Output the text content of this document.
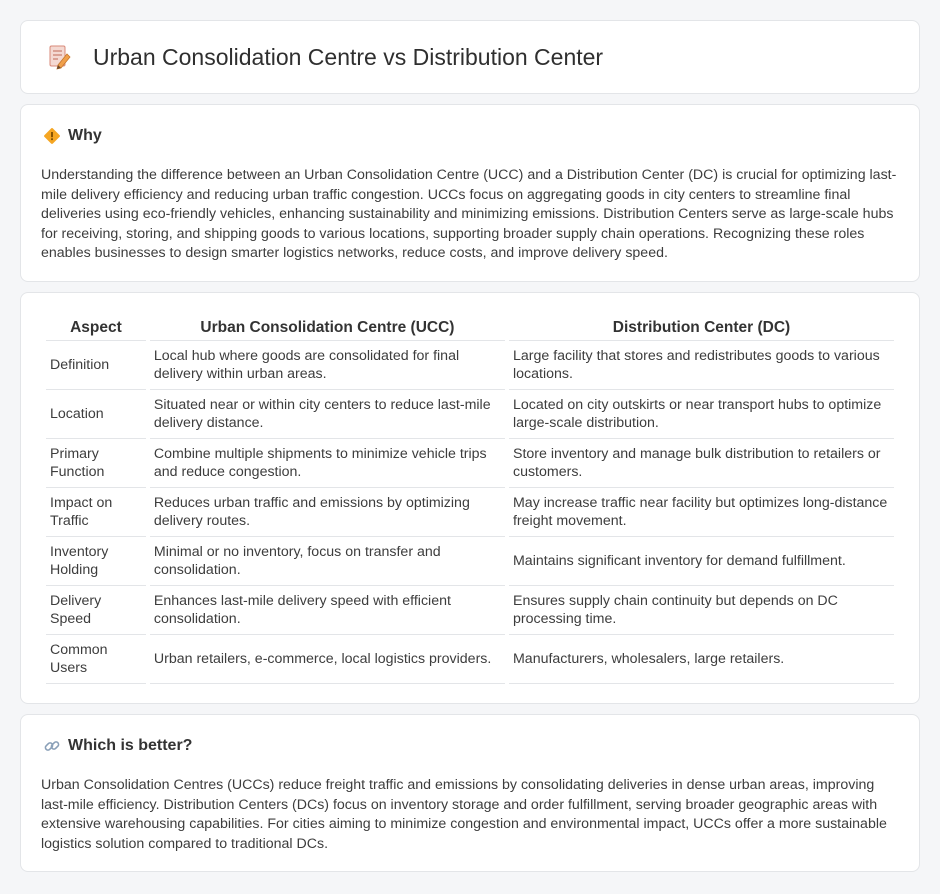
Urban Consolidation Centre vs Distribution Center
Why

Understanding the difference between an Urban Consolidation Centre (UCC) and a Distribution Center (DC) is crucial for optimizing last-mile delivery efficiency and reducing urban traffic congestion. UCCs focus on aggregating goods in city centers to streamline final deliveries using eco-friendly vehicles, enhancing sustainability and minimizing emissions. Distribution Centers serve as large-scale hubs for receiving, storing, and shipping goods to various locations, supporting broader supply chain operations. Recognizing these roles enables businesses to design smarter logistics networks, reduce costs, and improve delivery speed.

Aspect	Urban Consolidation Centre (UCC)	Distribution Center (DC)
Definition	Local hub where goods are consolidated for final delivery within urban areas.	Large facility that stores and redistributes goods to various locations.
Location	Situated near or within city centers to reduce last-mile delivery distance.	Located on city outskirts or near transport hubs to optimize large-scale distribution.
Primary Function	Combine multiple shipments to minimize vehicle trips and reduce congestion.	Store inventory and manage bulk distribution to retailers or customers.
Impact on Traffic	Reduces urban traffic and emissions by optimizing delivery routes.	May increase traffic near facility but optimizes long-distance freight movement.
Inventory Holding	Minimal or no inventory, focus on transfer and consolidation.	Maintains significant inventory for demand fulfillment.
Delivery Speed	Enhances last-mile delivery speed with efficient consolidation.	Ensures supply chain continuity but depends on DC processing time.
Common Users	Urban retailers, e-commerce, local logistics providers.	Manufacturers, wholesalers, large retailers.
Which is better?

Urban Consolidation Centres (UCCs) reduce freight traffic and emissions by consolidating deliveries in dense urban areas, improving last-mile efficiency. Distribution Centers (DCs) focus on inventory storage and order fulfillment, serving broader geographic areas with extensive warehousing capabilities. For cities aiming to minimize congestion and environmental impact, UCCs offer a more sustainable logistics solution compared to traditional DCs.
